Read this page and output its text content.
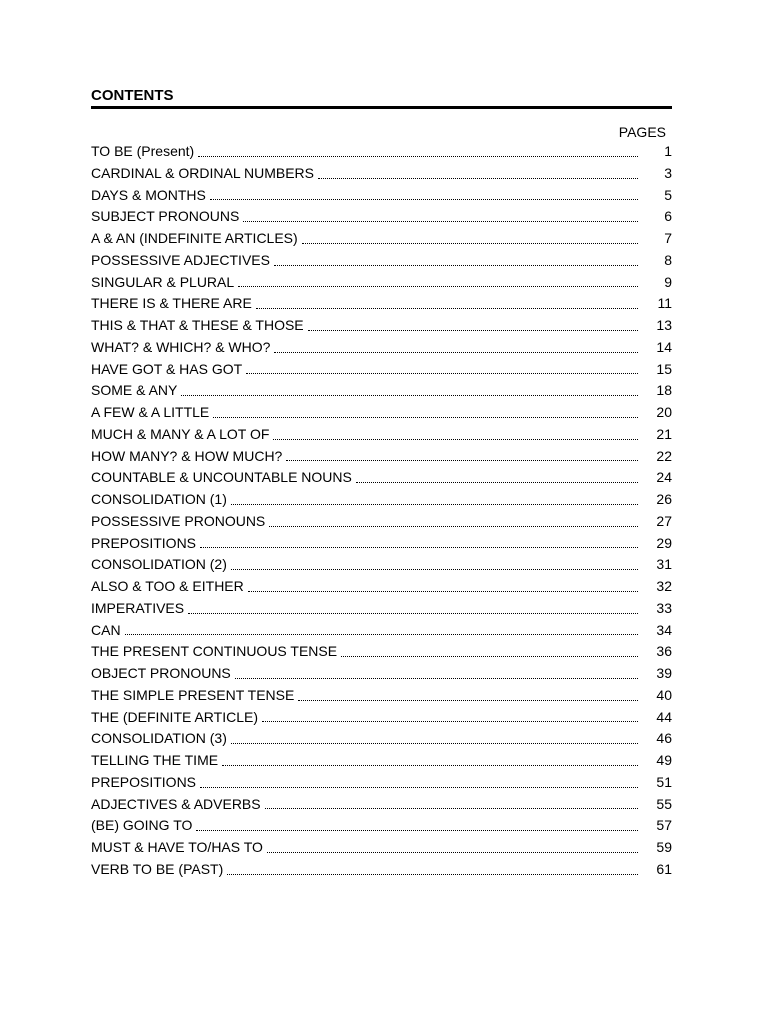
CONTENTS
PAGES
TO BE (Present)	1
CARDINAL & ORDINAL NUMBERS	3
DAYS & MONTHS	5
SUBJECT PRONOUNS	6
A & AN (INDEFINITE ARTICLES)	7
POSSESSIVE ADJECTIVES	8
SINGULAR & PLURAL	9
THERE IS & THERE ARE	11
THIS & THAT & THESE & THOSE	13
WHAT? & WHICH? & WHO?	14
HAVE GOT & HAS GOT	15
SOME & ANY	18
A FEW & A LITTLE	20
MUCH & MANY & A LOT OF	21
HOW MANY? & HOW MUCH?	22
COUNTABLE & UNCOUNTABLE NOUNS	24
CONSOLIDATION (1)	26
POSSESSIVE PRONOUNS	27
PREPOSITIONS	29
CONSOLIDATION (2)	31
ALSO & TOO & EITHER	32
IMPERATIVES	33
CAN	34
THE PRESENT CONTINUOUS TENSE	36
OBJECT PRONOUNS	39
THE SIMPLE PRESENT TENSE	40
THE (DEFINITE ARTICLE)	44
CONSOLIDATION (3)	46
TELLING THE TIME	49
PREPOSITIONS	51
ADJECTIVES & ADVERBS	55
(BE) GOING TO	57
MUST & HAVE TO/HAS TO	59
VERB TO BE (PAST)	61
